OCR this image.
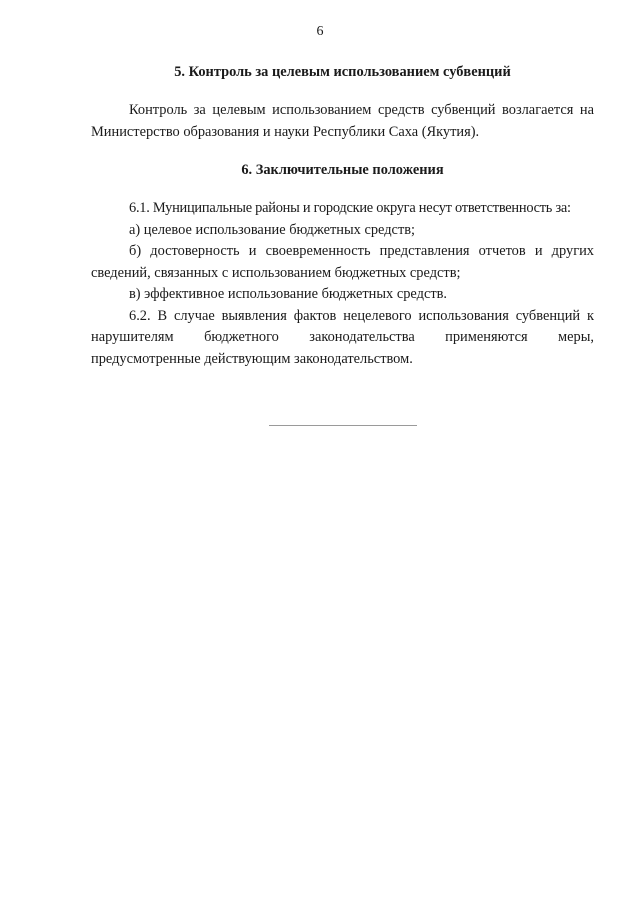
6
5. Контроль за целевым использованием субвенций

Контроль за целевым использованием средств субвенций возлагается на Министерство образования и науки Республики Саха (Якутия).

6. Заключительные положения

6.1. Муниципальные районы и городские округа несут ответственность за:

а) целевое использование бюджетных средств;

б) достоверность и своевременность представления отчетов и других сведений, связанных с использованием бюджетных средств;

в) эффективное использование бюджетных средств.

6.2. В случае выявления фактов нецелевого использования субвенций к нарушителям бюджетного законодательства применяются меры, предусмотренные действующим законодательством.
